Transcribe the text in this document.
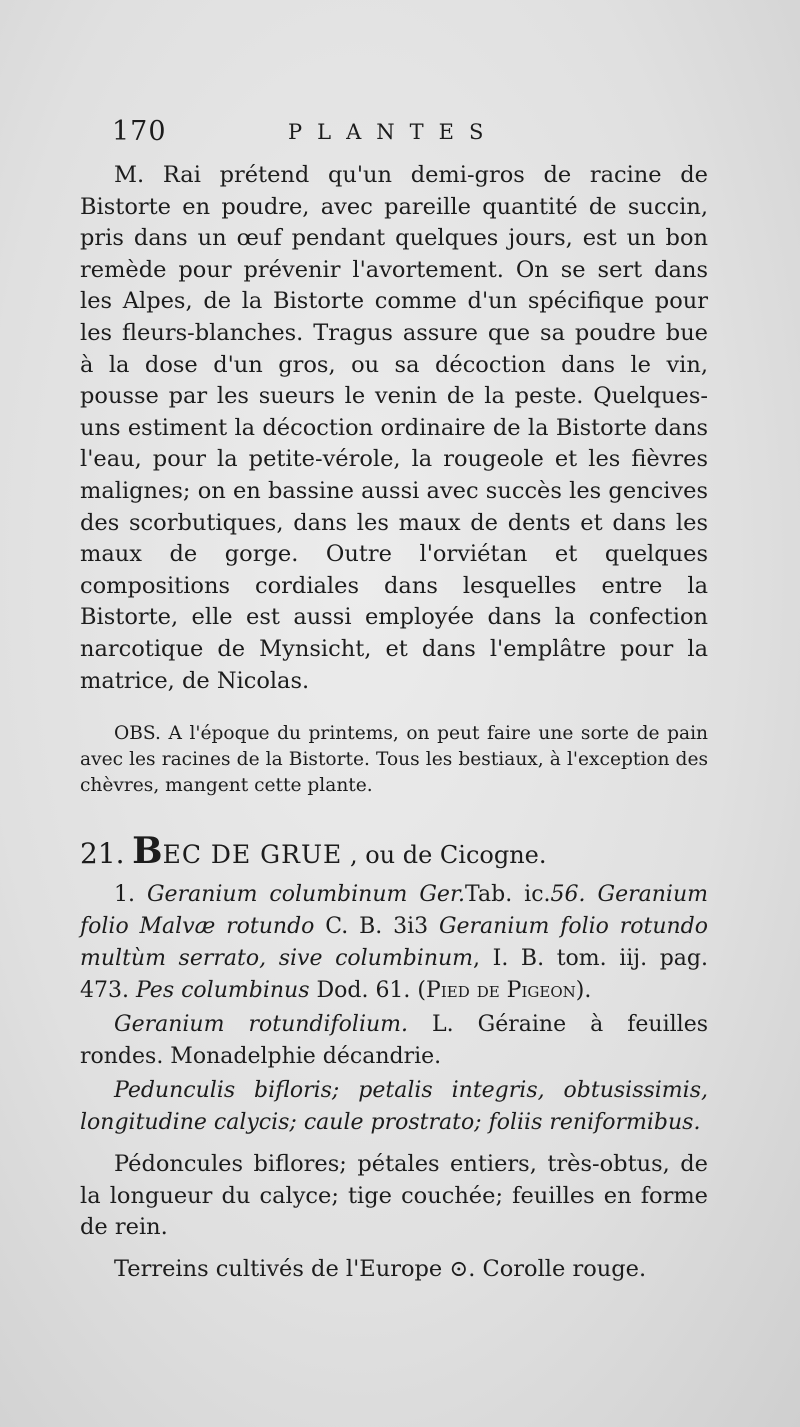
170	PLANTES

M. Rai prétend qu'un demi-gros de racine de Bistorte en poudre, avec pareille quantité de succin, pris dans un œuf pendant quelques jours, est un bon remède pour prévenir l'avortement. On se sert dans les Alpes, de la Bistorte comme d'un spécifique pour les fleurs-blanches. Tragus assure que sa poudre bue à la dose d'un gros, ou sa décoction dans le vin, pousse par les sueurs le venin de la peste. Quelques-uns estiment la décoction ordinaire de la Bistorte dans l'eau, pour la petite-vérole, la rougeole et les fièvres malignes; on en bassine aussi avec succès les gencives des scorbutiques, dans les maux de dents et dans les maux de gorge. Outre l'orviétan et quelques compositions cordiales dans lesquelles entre la Bistorte, elle est aussi employée dans la confection narcotique de Mynsicht, et dans l'emplâtre pour la matrice, de Nicolas.

OBS. A l'époque du printems, on peut faire une sorte de pain avec les racines de la Bistorte. Tous les bestiaux, à l'exception des chèvres, mangent cette plante.

21. BEC DE GRUE , ou de Cicogne.

1. Geranium columbinum Ger.Tab. ic.56. Geranium folio Malvæ rotundo C. B. 3i3 Geranium folio rotundo multùm serrato, sive columbinum, I. B. tom. iij. pag. 473. Pes columbinus Dod. 61. (Pied de Pigeon).

Geranium rotundifolium. L. Géraine à feuilles rondes. Monadelphie décandrie.

Pedunculis bifloris; petalis integris, obtusissimis, longitudine calycis; caule prostrato; foliis reniformibus.

Pédoncules biflores; pétales entiers, très-obtus, de la longueur du calyce; tige couchée; feuilles en forme de rein.

Terreins cultivés de l'Europe ⊙. Corolle rouge.
